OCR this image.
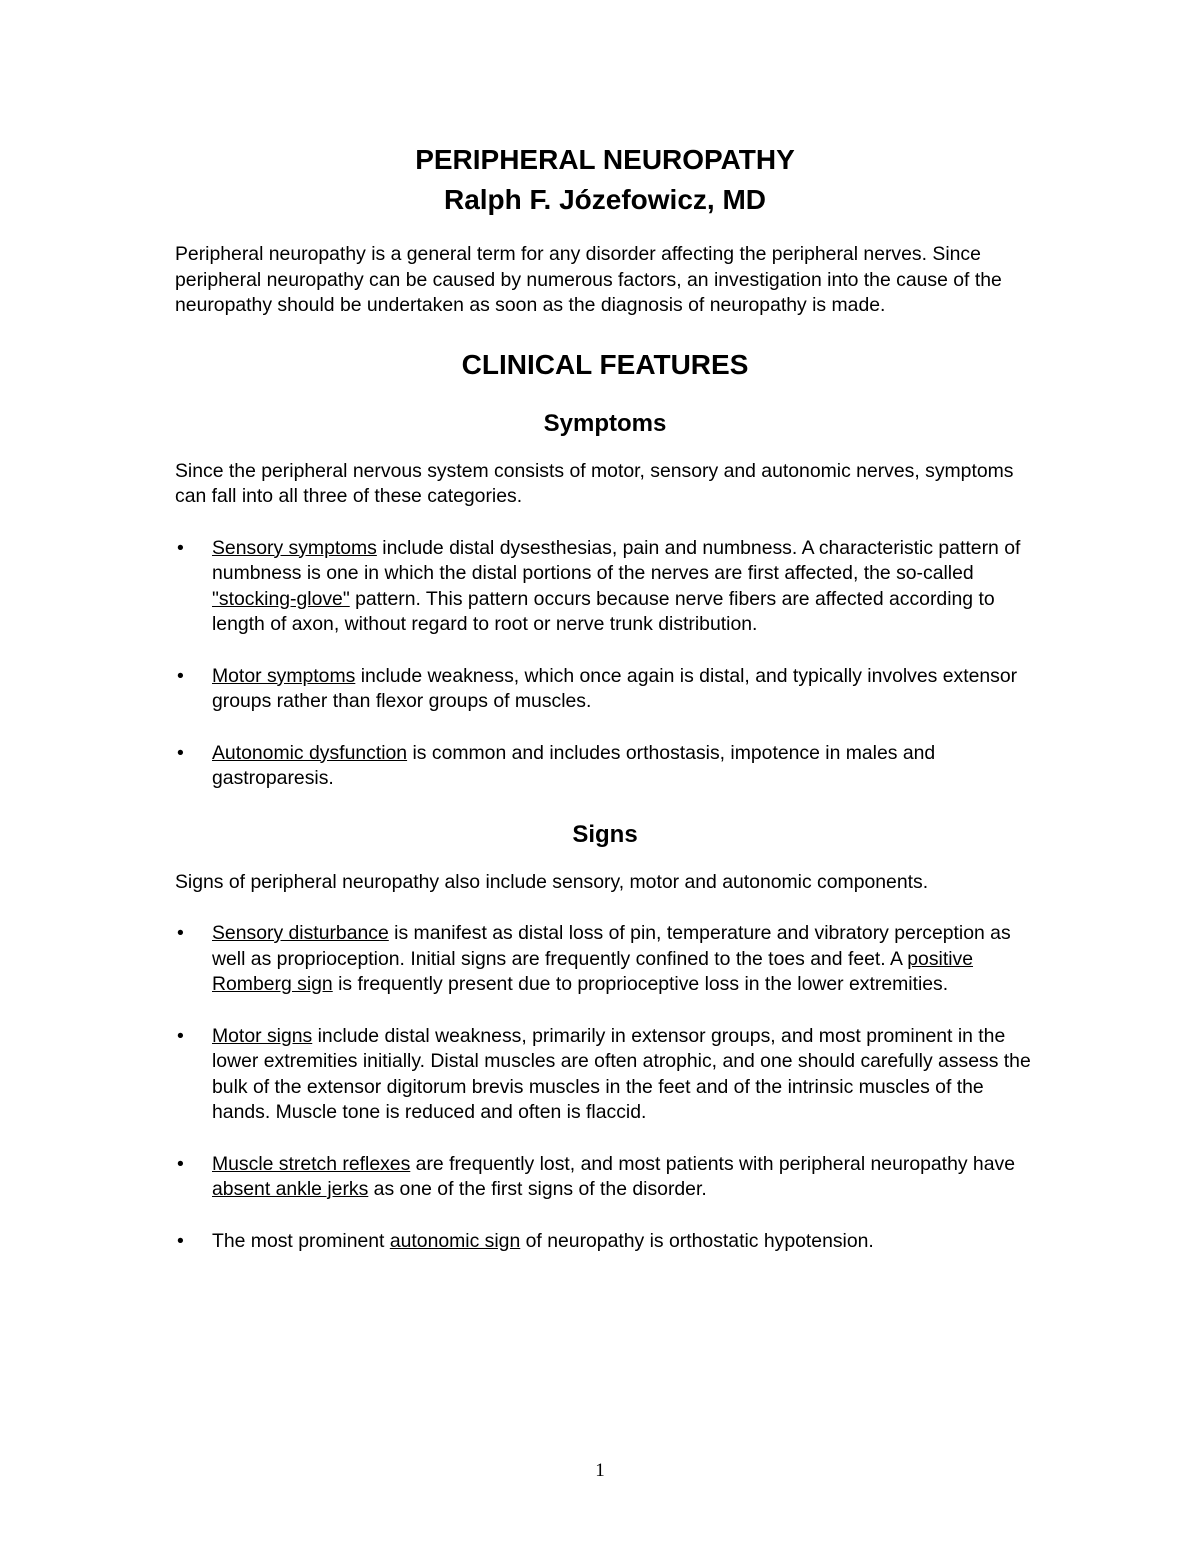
PERIPHERAL NEUROPATHY
Ralph F. Józefowicz, MD

Peripheral neuropathy is a general term for any disorder affecting the peripheral nerves. Since peripheral neuropathy can be caused by numerous factors, an investigation into the cause of the neuropathy should be undertaken as soon as the diagnosis of neuropathy is made.

CLINICAL FEATURES
Symptoms

Since the peripheral nervous system consists of motor, sensory and autonomic nerves, symptoms can fall into all three of these categories.

• Sensory symptoms include distal dysesthesias, pain and numbness. A characteristic pattern of numbness is one in which the distal portions of the nerves are first affected, the so-called "stocking-glove" pattern. This pattern occurs because nerve fibers are affected according to length of axon, without regard to root or nerve trunk distribution.
• Motor symptoms include weakness, which once again is distal, and typically involves extensor groups rather than flexor groups of muscles.
• Autonomic dysfunction is common and includes orthostasis, impotence in males and gastroparesis.
Signs

Signs of peripheral neuropathy also include sensory, motor and autonomic components.

• Sensory disturbance is manifest as distal loss of pin, temperature and vibratory perception as well as proprioception. Initial signs are frequently confined to the toes and feet. A positive Romberg sign is frequently present due to proprioceptive loss in the lower extremities.
• Motor signs include distal weakness, primarily in extensor groups, and most prominent in the lower extremities initially. Distal muscles are often atrophic, and one should carefully assess the bulk of the extensor digitorum brevis muscles in the feet and of the intrinsic muscles of the hands. Muscle tone is reduced and often is flaccid.
• Muscle stretch reflexes are frequently lost, and most patients with peripheral neuropathy have absent ankle jerks as one of the first signs of the disorder.
• The most prominent autonomic sign of neuropathy is orthostatic hypotension.
1
